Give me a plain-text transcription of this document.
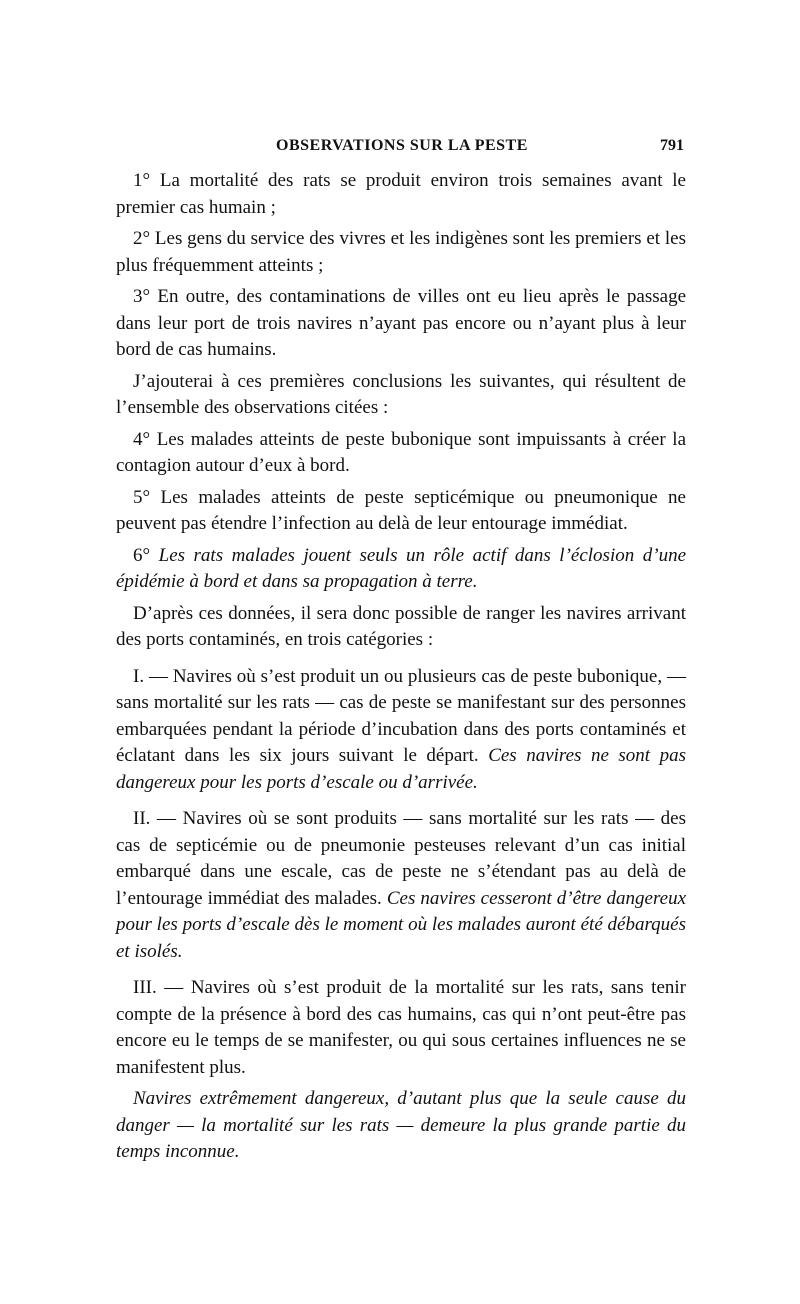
OBSERVATIONS SUR LA PESTE	791

1° La mortalité des rats se produit environ trois semaines avant le premier cas humain ;

2° Les gens du service des vivres et les indigènes sont les premiers et les plus fréquemment atteints ;

3° En outre, des contaminations de villes ont eu lieu après le passage dans leur port de trois navires n’ayant pas encore ou n’ayant plus à leur bord de cas humains.

J’ajouterai à ces premières conclusions les suivantes, qui résultent de l’ensemble des observations citées :

4° Les malades atteints de peste bubonique sont impuissants à créer la contagion autour d’eux à bord.

5° Les malades atteints de peste septicémique ou pneumonique ne peuvent pas étendre l’infection au delà de leur entourage immédiat.

6° Les rats malades jouent seuls un rôle actif dans l’éclosion d’une épidémie à bord et dans sa propagation à terre.

D’après ces données, il sera donc possible de ranger les navires arrivant des ports contaminés, en trois catégories :

I. — Navires où s’est produit un ou plusieurs cas de peste bubonique, — sans mortalité sur les rats — cas de peste se manifestant sur des personnes embarquées pendant la période d’incubation dans des ports contaminés et éclatant dans les six jours suivant le départ. Ces navires ne sont pas dangereux pour les ports d’escale ou d’arrivée.

II. — Navires où se sont produits — sans mortalité sur les rats — des cas de septicémie ou de pneumonie pesteuses relevant d’un cas initial embarqué dans une escale, cas de peste ne s’étendant pas au delà de l’entourage immédiat des malades. Ces navires cesseront d’être dangereux pour les ports d’escale dès le moment où les malades auront été débarqués et isolés.

III. — Navires où s’est produit de la mortalité sur les rats, sans tenir compte de la présence à bord des cas humains, cas qui n’ont peut-être pas encore eu le temps de se manifester, ou qui sous certaines influences ne se manifestent plus.

Navires extrêmement dangereux, d’autant plus que la seule cause du danger — la mortalité sur les rats — demeure la plus grande partie du temps inconnue.
